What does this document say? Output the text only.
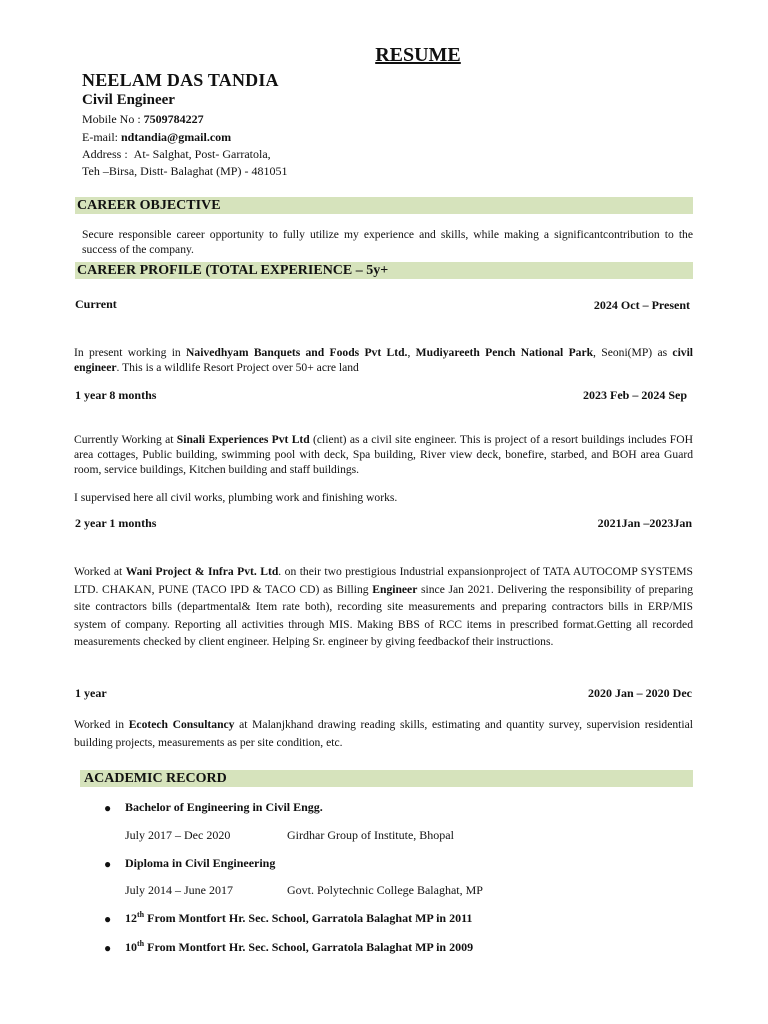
RESUME
NEELAM DAS TANDIA
Civil Engineer
Mobile No : 7509784227
E-mail: ndtandia@gmail.com
Address :  At- Salghat, Post- Garratola,
Teh –Birsa, Distt- Balaghat (MP) - 481051
CAREER OBJECTIVE
Secure responsible career opportunity to fully utilize my experience and skills, while making a significantcontribution to the success of the company.
CAREER PROFILE (TOTAL EXPERIENCE – 5y+
Current	2024 Oct – Present
In present working in Naivedhyam Banquets and Foods Pvt Ltd., Mudiyareeth Pench National Park, Seoni(MP) as civil engineer. This is a wildlife Resort Project over 50+ acre land
1 year 8 months	2023 Feb – 2024 Sep
Currently Working at Sinali Experiences Pvt Ltd (client) as a civil site engineer. This is project of a resort buildings includes FOH area cottages, Public building, swimming pool with deck, Spa building, River view deck, bonefire, starbed, and BOH area Guard room, service buildings, Kitchen building and staff buildings.
I supervised here all civil works, plumbing work and finishing works.
2 year 1 months	2021Jan –2023Jan
Worked at Wani Project & Infra Pvt. Ltd. on their two prestigious Industrial expansionproject of TATA AUTOCOMP SYSTEMS LTD. CHAKAN, PUNE (TACO IPD & TACO CD) as Billing Engineer since Jan 2021. Delivering the responsibility of preparing site contractors bills (departmental& Item rate both), recording site measurements and preparing contractors bills in ERP/MIS system of company. Reporting all activities through MIS. Making BBS of RCC items in prescribed format.Getting all recorded measurements checked by client engineer. Helping Sr. engineer by giving feedbackof their instructions.
1 year	2020 Jan – 2020 Dec
Worked in Ecotech Consultancy at Malanjkhand drawing reading skills, estimating and quantity survey, supervision residential building projects, measurements as per site condition, etc.
ACADEMIC RECORD
● Bachelor of Engineering in Civil Engg.
July 2017 – Dec 2020	Girdhar Group of Institute, Bhopal
● Diploma in Civil Engineering
July 2014 – June 2017	Govt. Polytechnic College Balaghat, MP
● 12th From Montfort Hr. Sec. School, Garratola Balaghat MP in 2011
● 10th From Montfort Hr. Sec. School, Garratola Balaghat MP in 2009
